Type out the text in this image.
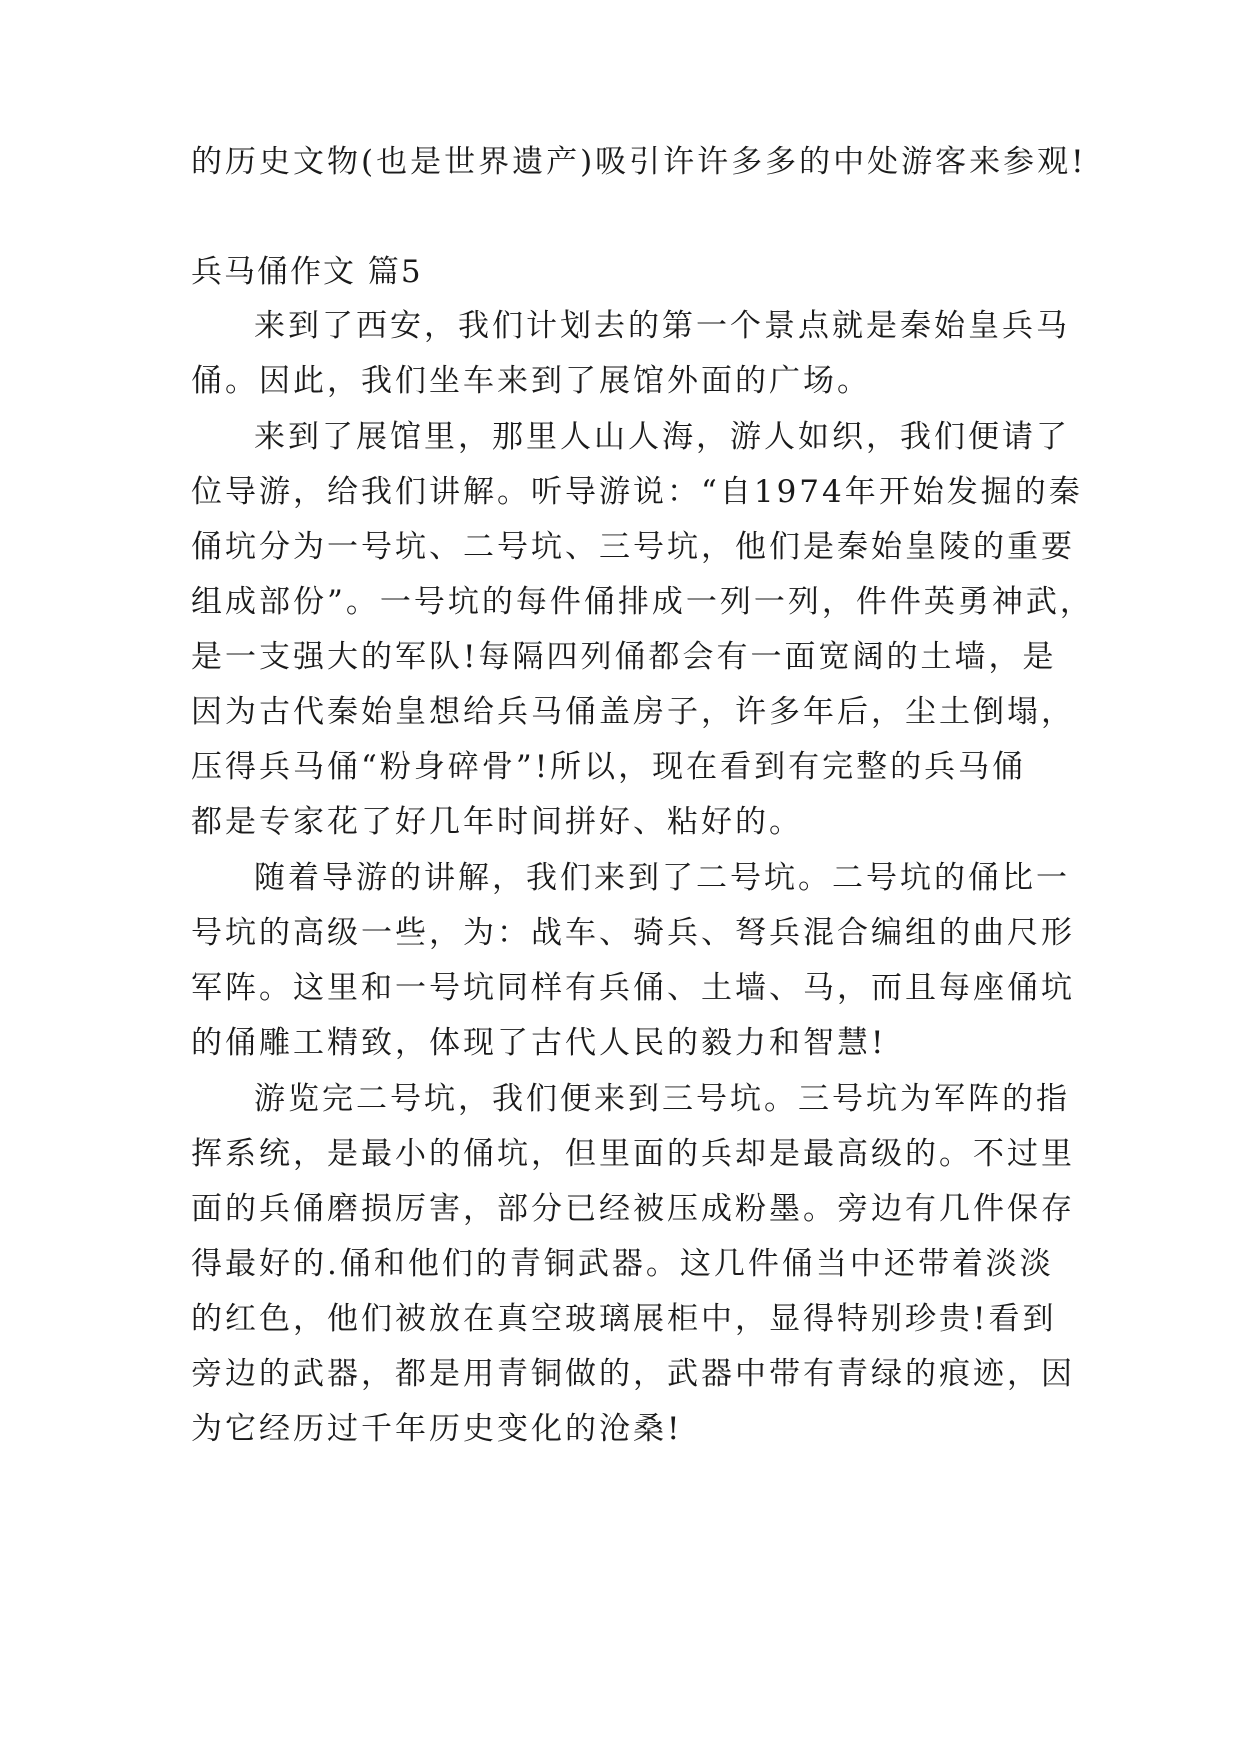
的历史文物(也是世界遗产)吸引许许多多的中处游客来参观!
兵马俑作文 篇5
来到了西安，我们计划去的第一个景点就是秦始皇兵马
俑。因此，我们坐车来到了展馆外面的广场。
来到了展馆里，那里人山人海，游人如织，我们便请了
位导游，给我们讲解。听导游说：“自1974年开始发掘的秦
俑坑分为一号坑、二号坑、三号坑，他们是秦始皇陵的重要
组成部份”。一号坑的每件俑排成一列一列，件件英勇神武，
是一支强大的军队!每隔四列俑都会有一面宽阔的土墙，是
因为古代秦始皇想给兵马俑盖房子，许多年后，尘土倒塌，
压得兵马俑“粉身碎骨”!所以，现在看到有完整的兵马俑
都是专家花了好几年时间拼好、粘好的。
随着导游的讲解，我们来到了二号坑。二号坑的俑比一
号坑的高级一些，为：战车、骑兵、弩兵混合编组的曲尺形
军阵。这里和一号坑同样有兵俑、土墙、马，而且每座俑坑
的俑雕工精致，体现了古代人民的毅力和智慧!
游览完二号坑，我们便来到三号坑。三号坑为军阵的指
挥系统，是最小的俑坑，但里面的兵却是最高级的。不过里
面的兵俑磨损厉害，部分已经被压成粉墨。旁边有几件保存
得最好的.俑和他们的青铜武器。这几件俑当中还带着淡淡
的红色，他们被放在真空玻璃展柜中，显得特别珍贵!看到
旁边的武器，都是用青铜做的，武器中带有青绿的痕迹，因
为它经历过千年历史变化的沧桑!
